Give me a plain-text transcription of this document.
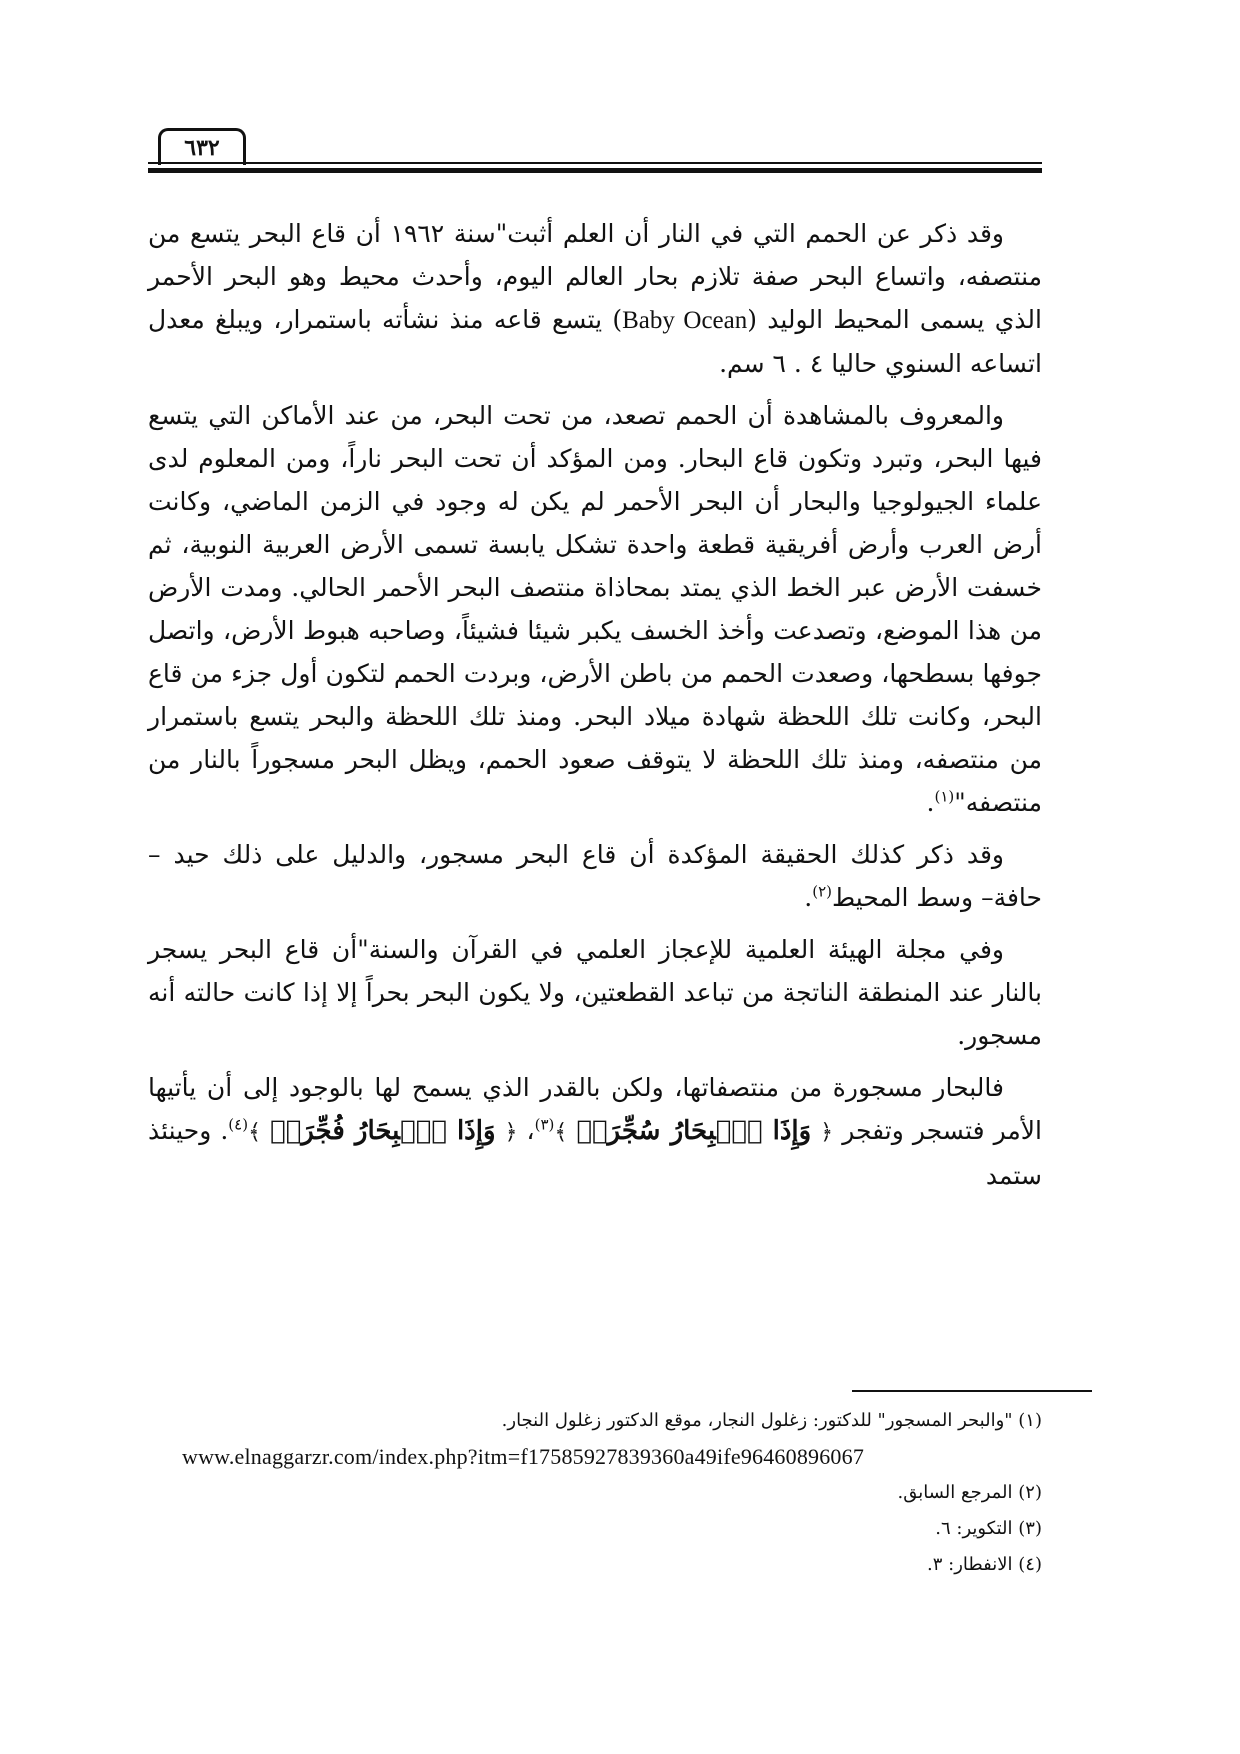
٦٣٢

وقد ذكر عن الحمم التي في النار أن العلم أثبت"سنة ١٩٦٢ أن قاع البحر يتسع من منتصفه، واتساع البحر صفة تلازم بحار العالم اليوم، وأحدث محيط وهو البحر الأحمر الذي يسمى المحيط الوليد (Baby Ocean) يتسع قاعه منذ نشأته باستمرار، ويبلغ معدل اتساعه السنوي حاليا ٤ . ٦ سم.

والمعروف بالمشاهدة أن الحمم تصعد، من تحت البحر، من عند الأماكن التي يتسع فيها البحر، وتبرد وتكون قاع البحار. ومن المؤكد أن تحت البحر ناراً، ومن المعلوم لدى علماء الجيولوجيا والبحار أن البحر الأحمر لم يكن له وجود في الزمن الماضي، وكانت أرض العرب وأرض أفريقية قطعة واحدة تشكل يابسة تسمى الأرض العربية النوبية، ثم خسفت الأرض عبر الخط الذي يمتد بمحاذاة منتصف البحر الأحمر الحالي. ومدت الأرض من هذا الموضع، وتصدعت وأخذ الخسف يكبر شيئا فشيئاً، وصاحبه هبوط الأرض، واتصل جوفها بسطحها، وصعدت الحمم من باطن الأرض، وبردت الحمم لتكون أول جزء من قاع البحر، وكانت تلك اللحظة شهادة ميلاد البحر. ومنذ تلك اللحظة والبحر يتسع باستمرار من منتصفه، ومنذ تلك اللحظة لا يتوقف صعود الحمم، ويظل البحر مسجوراً بالنار من منتصفه"$^{(١)}$.

وقد ذكر كذلك الحقيقة المؤكدة أن قاع البحر مسجور، والدليل على ذلك حيد – حافة– وسط المحيط$^{(٢)}$.

وفي مجلة الهيئة العلمية للإعجاز العلمي في القرآن والسنة"أن قاع البحر يسجر بالنار عند المنطقة الناتجة من تباعد القطعتين، ولا يكون البحر بحراً إلا إذا كانت حالته أنه مسجور.

فالبحار مسجورة من منتصفاتها، ولكن بالقدر الذي يسمح لها بالوجود إلى أن يأتيها الأمر فتسجر وتفجر ﴿ وَإِذَا ٱلۡبِحَارُ سُجِّرَتۡ ﴾$^{(٣)}$، ﴿ وَإِذَا ٱلۡبِحَارُ فُجِّرَتۡ ﴾$^{(٤)}$. وحينئذ ستمد

(١) "والبحر المسجور" للدكتور: زغلول النجار، موقع الدكتور زغلول النجار.
www.elnaggarzr.com/index.php?itm=f17585927839360a49ife96460896067
(٢) المرجع السابق.
(٣) التكوير: ٦.
(٤) الانفطار: ٣.
